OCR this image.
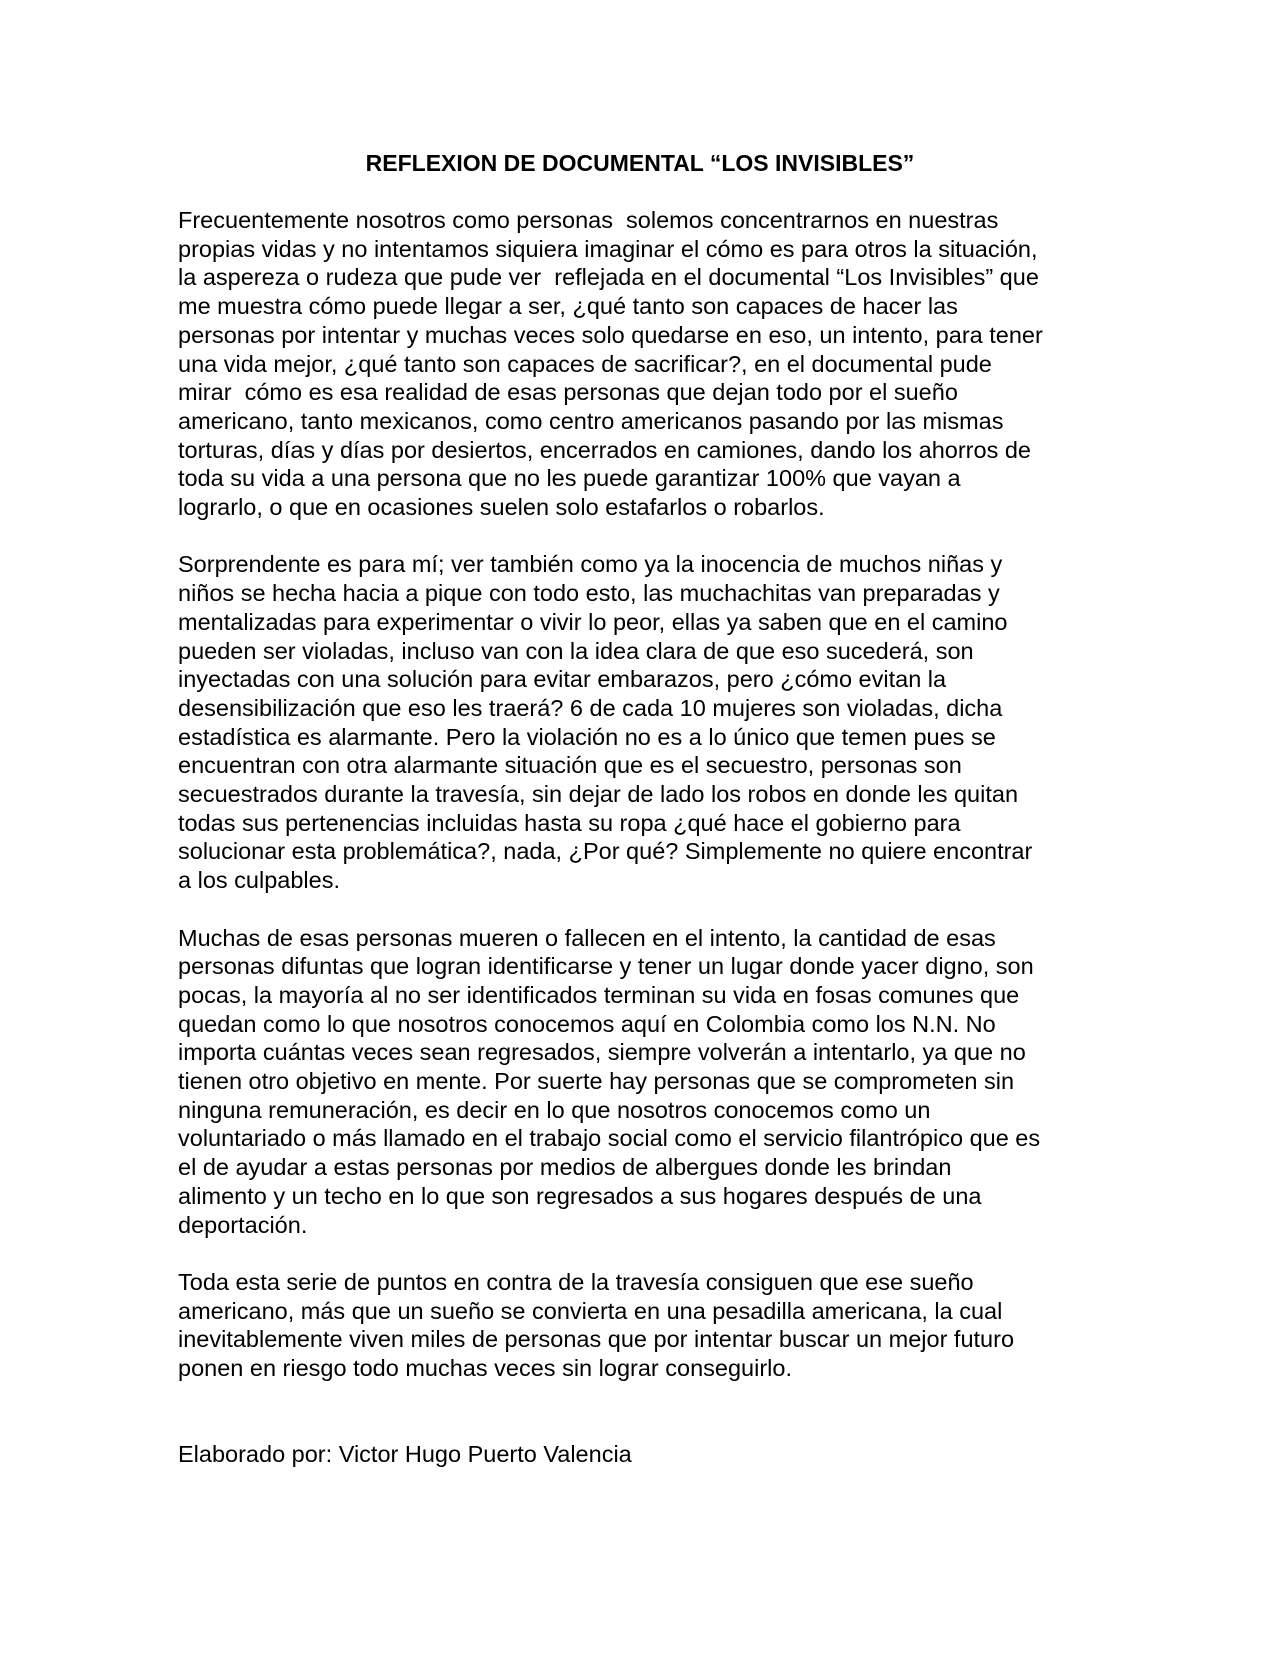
REFLEXION DE DOCUMENTAL “LOS INVISIBLES”

Frecuentemente nosotros como personas  solemos concentrarnos en nuestras
propias vidas y no intentamos siquiera imaginar el cómo es para otros la situación,
la aspereza o rudeza que pude ver  reflejada en el documental “Los Invisibles” que
me muestra cómo puede llegar a ser, ¿qué tanto son capaces de hacer las
personas por intentar y muchas veces solo quedarse en eso, un intento, para tener
una vida mejor, ¿qué tanto son capaces de sacrificar?, en el documental pude
mirar  cómo es esa realidad de esas personas que dejan todo por el sueño
americano, tanto mexicanos, como centro americanos pasando por las mismas
torturas, días y días por desiertos, encerrados en camiones, dando los ahorros de
toda su vida a una persona que no les puede garantizar 100% que vayan a
lograrlo, o que en ocasiones suelen solo estafarlos o robarlos.

Sorprendente es para mí; ver también como ya la inocencia de muchos niñas y
niños se hecha hacia a pique con todo esto, las muchachitas van preparadas y
mentalizadas para experimentar o vivir lo peor, ellas ya saben que en el camino
pueden ser violadas, incluso van con la idea clara de que eso sucederá, son
inyectadas con una solución para evitar embarazos, pero ¿cómo evitan la
desensibilización que eso les traerá? 6 de cada 10 mujeres son violadas, dicha
estadística es alarmante. Pero la violación no es a lo único que temen pues se
encuentran con otra alarmante situación que es el secuestro, personas son
secuestrados durante la travesía, sin dejar de lado los robos en donde les quitan
todas sus pertenencias incluidas hasta su ropa ¿qué hace el gobierno para
solucionar esta problemática?, nada, ¿Por qué? Simplemente no quiere encontrar
a los culpables.

Muchas de esas personas mueren o fallecen en el intento, la cantidad de esas
personas difuntas que logran identificarse y tener un lugar donde yacer digno, son
pocas, la mayoría al no ser identificados terminan su vida en fosas comunes que
quedan como lo que nosotros conocemos aquí en Colombia como los N.N. No
importa cuántas veces sean regresados, siempre volverán a intentarlo, ya que no
tienen otro objetivo en mente. Por suerte hay personas que se comprometen sin
ninguna remuneración, es decir en lo que nosotros conocemos como un
voluntariado o más llamado en el trabajo social como el servicio filantrópico que es
el de ayudar a estas personas por medios de albergues donde les brindan
alimento y un techo en lo que son regresados a sus hogares después de una
deportación.

Toda esta serie de puntos en contra de la travesía consiguen que ese sueño
americano, más que un sueño se convierta en una pesadilla americana, la cual
inevitablemente viven miles de personas que por intentar buscar un mejor futuro
ponen en riesgo todo muchas veces sin lograr conseguirlo.

Elaborado por: Victor Hugo Puerto Valencia
